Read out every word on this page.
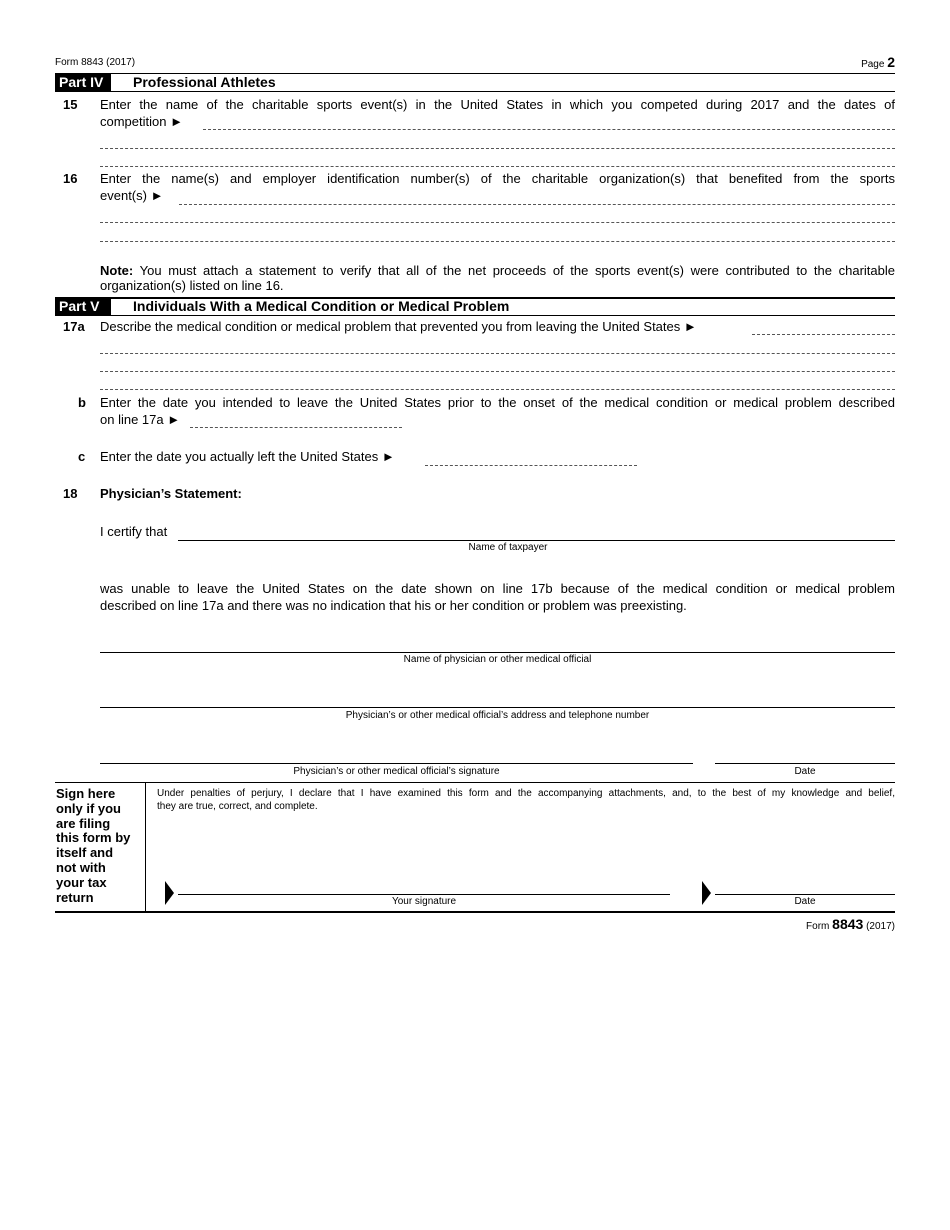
Form 8843 (2017)	Page 2
Part IV	Professional Athletes
15 Enter the name of the charitable sports event(s) in the United States in which you competed during 2017 and the dates of
competition ►
16 Enter the name(s) and employer identification number(s) of the charitable organization(s) that benefited from the sports
event(s) ►
Note: You must attach a statement to verify that all of the net proceeds of the sports event(s) were contributed to the charitable
organization(s) listed on line 16.
Part V	Individuals With a Medical Condition or Medical Problem
17a Describe the medical condition or medical problem that prevented you from leaving the United States ►
b Enter the date you intended to leave the United States prior to the onset of the medical condition or medical problem described
on line 17a ►
c Enter the date you actually left the United States ►
18 Physician’s Statement:
I certify that
Name of taxpayer
was unable to leave the United States on the date shown on line 17b because of the medical condition or medical problem
described on line 17a and there was no indication that his or her condition or problem was preexisting.
Name of physician or other medical official
Physician’s or other medical official’s address and telephone number
Physician’s or other medical official’s signature	Date
Sign here
only if you
are filing
this form by
itself and
not with
your tax
return
Under penalties of perjury, I declare that I have examined this form and the accompanying attachments, and, to the best of my knowledge and belief,
they are true, correct, and complete.
Your signature	Date
Form 8843 (2017)
